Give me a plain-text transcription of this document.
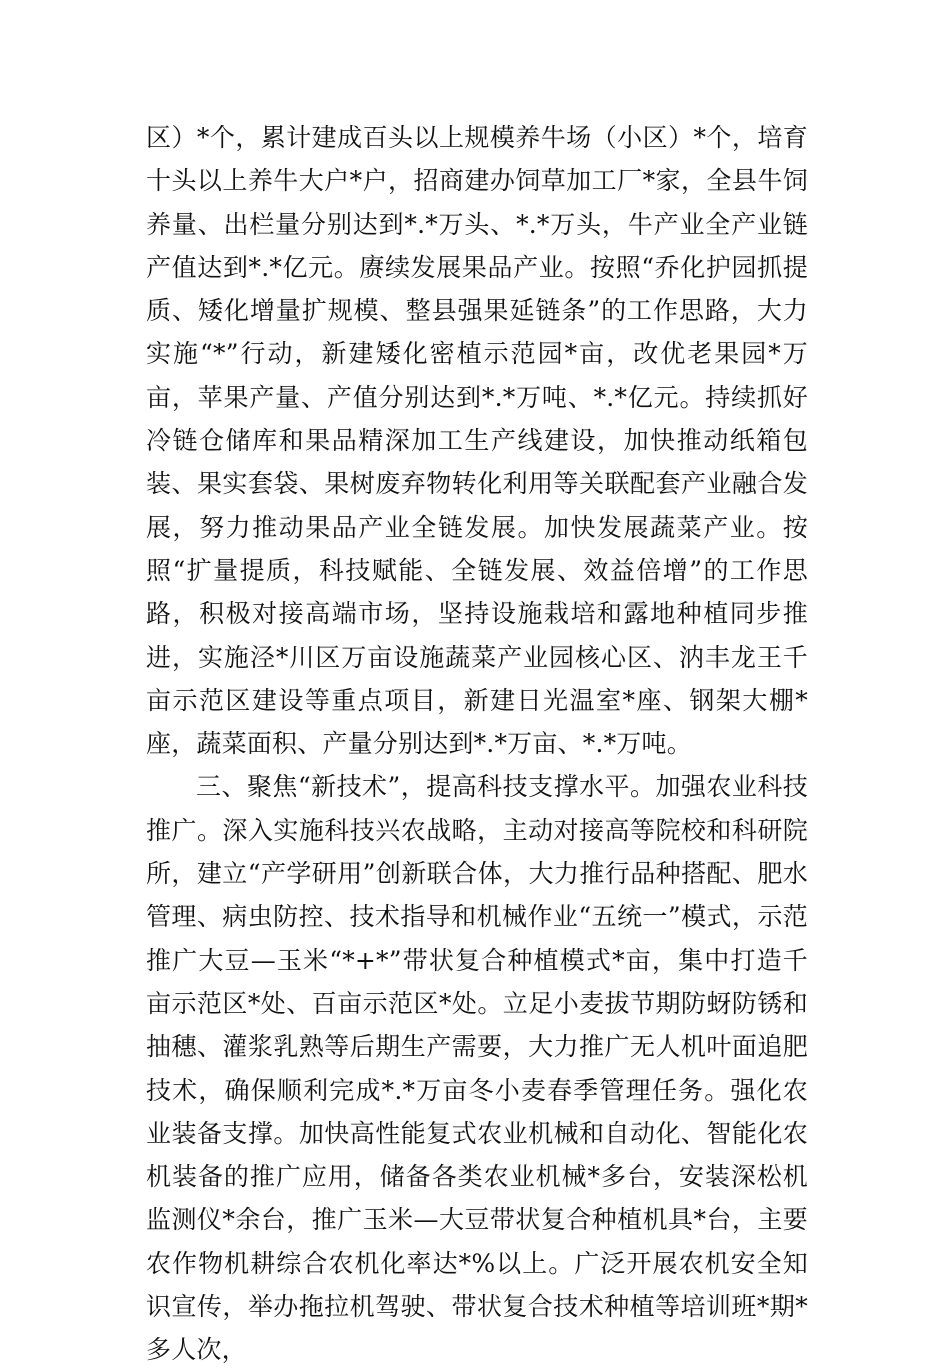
区）*个，累计建成百头以上规模养牛场（小区）*个，培育十头以上养牛大户*户，招商建办饲草加工厂*家，全县牛饲养量、出栏量分别达到*.*万头、*.*万头，牛产业全产业链产值达到*.*亿元。赓续发展果品产业。按照“乔化护园抓提质、矮化增量扩规模、整县强果延链条”的工作思路，大力实施“*”行动，新建矮化密植示范园*亩，改优老果园*万亩，苹果产量、产值分别达到*.*万吨、*.*亿元。持续抓好冷链仓储库和果品精深加工生产线建设，加快推动纸箱包装、果实套袋、果树废弃物转化利用等关联配套产业融合发展，努力推动果品产业全链发展。加快发展蔬菜产业。按照“扩量提质，科技赋能、全链发展、效益倍增”的工作思路，积极对接高端市场，坚持设施栽培和露地种植同步推进，实施泾*川区万亩设施蔬菜产业园核心区、汭丰龙王千亩示范区建设等重点项目，新建日光温室*座、钢架大棚*座，蔬菜面积、产量分别达到*.*万亩、*.*万吨。

三、聚焦“新技术”，提高科技支撑水平。加强农业科技推广。深入实施科技兴农战略，主动对接高等院校和科研院所，建立“产学研用”创新联合体，大力推行品种搭配、肥水管理、病虫防控、技术指导和机械作业“五统一”模式，示范推广大豆—玉米“*+*”带状复合种植模式*亩，集中打造千亩示范区*处、百亩示范区*处。立足小麦拔节期防蚜防锈和抽穗、灌浆乳熟等后期生产需要，大力推广无人机叶面追肥技术，确保顺利完成*.*万亩冬小麦春季管理任务。强化农业装备支撑。加快高性能复式农业机械和自动化、智能化农机装备的推广应用，储备各类农业机械*多台，安装深松机监测仪*余台，推广玉米—大豆带状复合种植机具*台，主要农作物机耕综合农机化率达*%以上。广泛开展农机安全知识宣传，举办拖拉机驾驶、带状复合技术种植等培训班*期*多人次，
